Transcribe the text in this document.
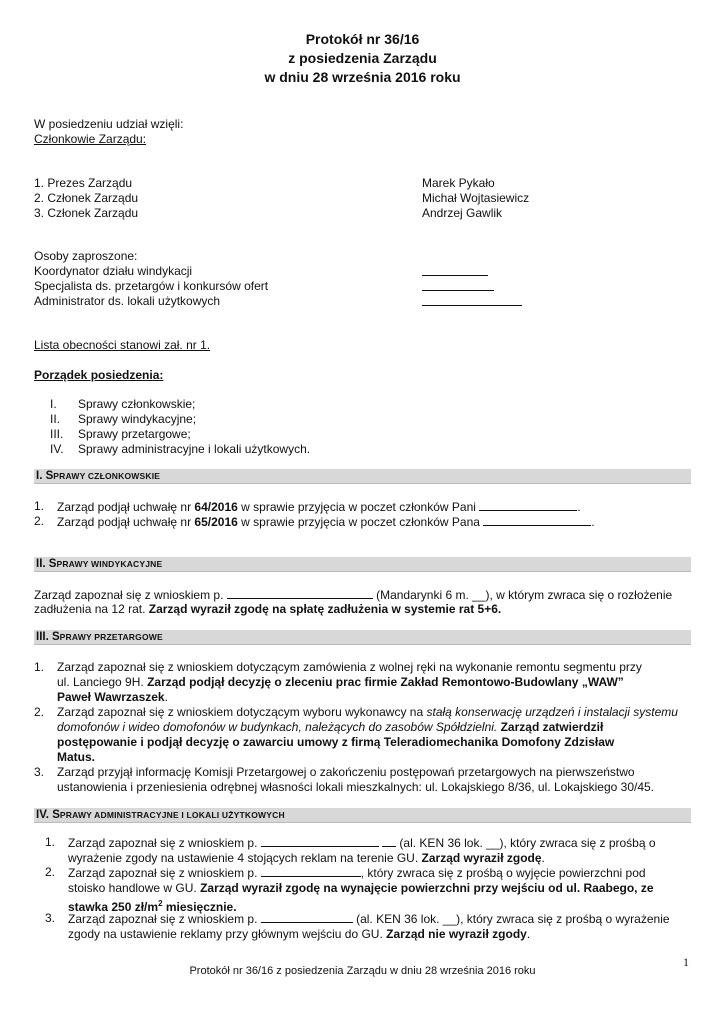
Protokół nr 36/16
z posiedzenia Zarządu
w dniu 28 września 2016 roku
W posiedzeniu udział wzięli:
Członkowie Zarządu:
1. Prezes Zarządu	Marek Pykało
2. Członek Zarządu	Michał Wojtasiewicz
3. Członek Zarządu	Andrzej Gawlik
Osoby zaproszone:
Koordynator działu windykacji
Specjalista ds. przetargów i konkursów ofert
Administrator ds. lokali użytkowych
Lista obecności stanowi zał. nr 1.
Porządek posiedzenia:
I. Sprawy członkowskie;
II. Sprawy windykacyjne;
III. Sprawy przetargowe;
IV. Sprawy administracyjne i lokali użytkowych.
I. SPRAWY CZŁONKOWSKIE
1. Zarząd podjął uchwałę nr 64/2016 w sprawie przyjęcia w poczet członków Pani	.
2. Zarząd podjął uchwałę nr 65/2016 w sprawie przyjęcia w poczet członków Pana	.
II. SPRAWY WINDYKACYJNE
Zarząd zapoznał się z wnioskiem p.	(Mandarynki 6 m. __), w którym zwraca się o rozłożenie
zadłużenia na 12 rat. Zarząd wyraził zgodę na spłatę zadłużenia w systemie rat 5+6.
III. SPRAWY PRZETARGOWE
1. Zarząd zapoznał się z wnioskiem dotyczącym zamówienia z wolnej ręki na wykonanie remontu segmentu przy
ul. Lanciego 9H. Zarząd podjął decyzję o zleceniu prac firmie Zakład Remontowo-Budowlany „WAW”
Paweł Wawrzaszek.
2. Zarząd zapoznał się z wnioskiem dotyczącym wyboru wykonawcy na stałą konserwację urządzeń i instalacji systemu
domofonów i wideo domofonów w budynkach, należących do zasobów Spółdzielni. Zarząd zatwierdził
postępowanie i podjął decyzję o zawarciu umowy z firmą Teleradiomechanika Domofony Zdzisław
Matus.
3. Zarząd przyjął informację Komisji Przetargowej o zakończeniu postępowań przetargowych na pierwszeństwo
ustanowienia i przeniesienia odrębnej własności lokali mieszkalnych: ul. Lokajskiego 8/36, ul. Lokajskiego 30/45.
IV. SPRAWY ADMINISTRACYJNE I LOKALI UŻYTKOWYCH
1. Zarząd zapoznał się z wnioskiem p.	(al. KEN 36 lok. __), który zwraca się z prośbą o
wyrażenie zgody na ustawienie 4 stojących reklam na terenie GU. Zarząd wyraził zgodę.
2. Zarząd zapoznał się z wnioskiem p.	, który zwraca się z prośbą o wyjęcie powierzchni pod
stoisko handlowe w GU. Zarząd wyraził zgodę na wynajęcie powierzchni przy wejściu od ul. Raabego, ze
stawka 250 $zł/m^2$ miesięcznie.
3. Zarząd zapoznał się z wnioskiem p.	(al. KEN 36 lok. __), który zwraca się z prośbą o wyrażenie
zgody na ustawienie reklamy przy głównym wejściu do GU. Zarząd nie wyraził zgody.
1
Protokół nr 36/16 z posiedzenia Zarządu w dniu 28 września 2016 roku
